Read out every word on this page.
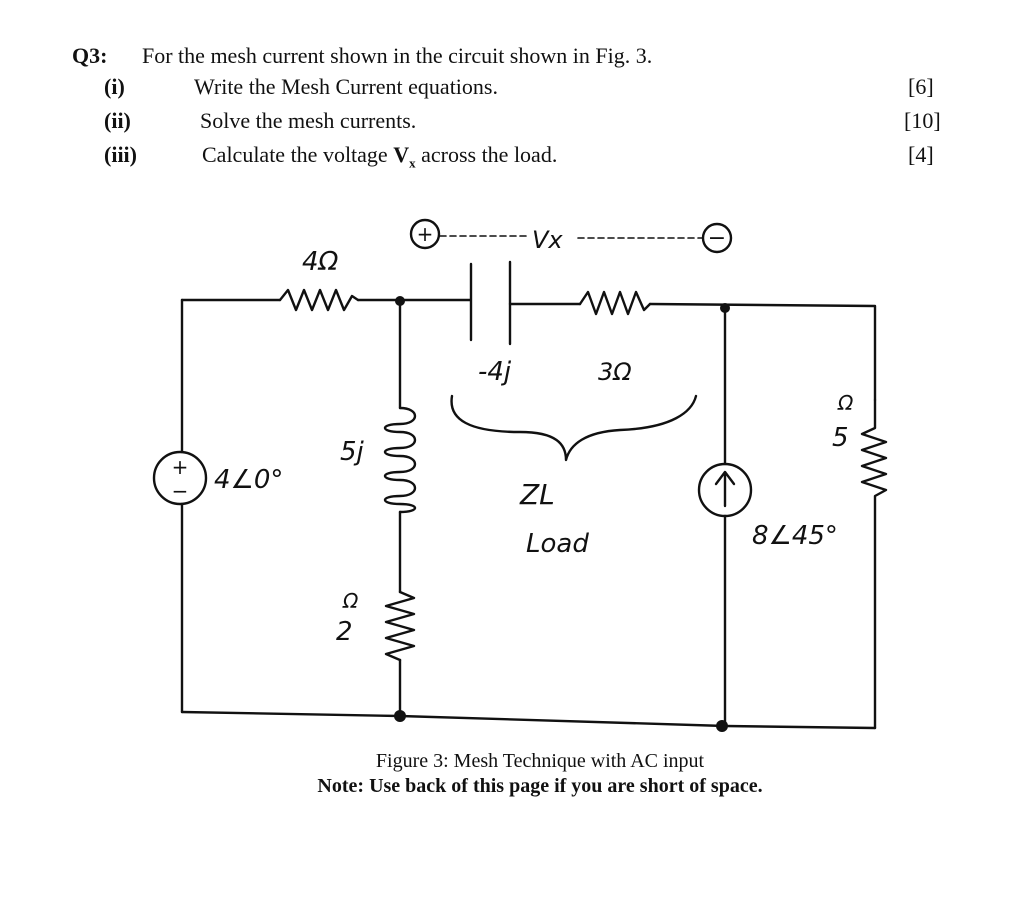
Q3: For the mesh current shown in the circuit shown in Fig. 3.
(i)	Write the Mesh Current equations.	[6]
(ii)	Solve the mesh currents.	[10]
(iii)	Calculate the voltage $V_x$ across the load.	[4]
+
−
+	−
4Ω
4∠0°
5j
Ω
2
-4j	3Ω
8∠45°
Ω
5
Vx
ZL
Load
Figure 3: Mesh Technique with AC input
Note: Use back of this page if you are short of space.
